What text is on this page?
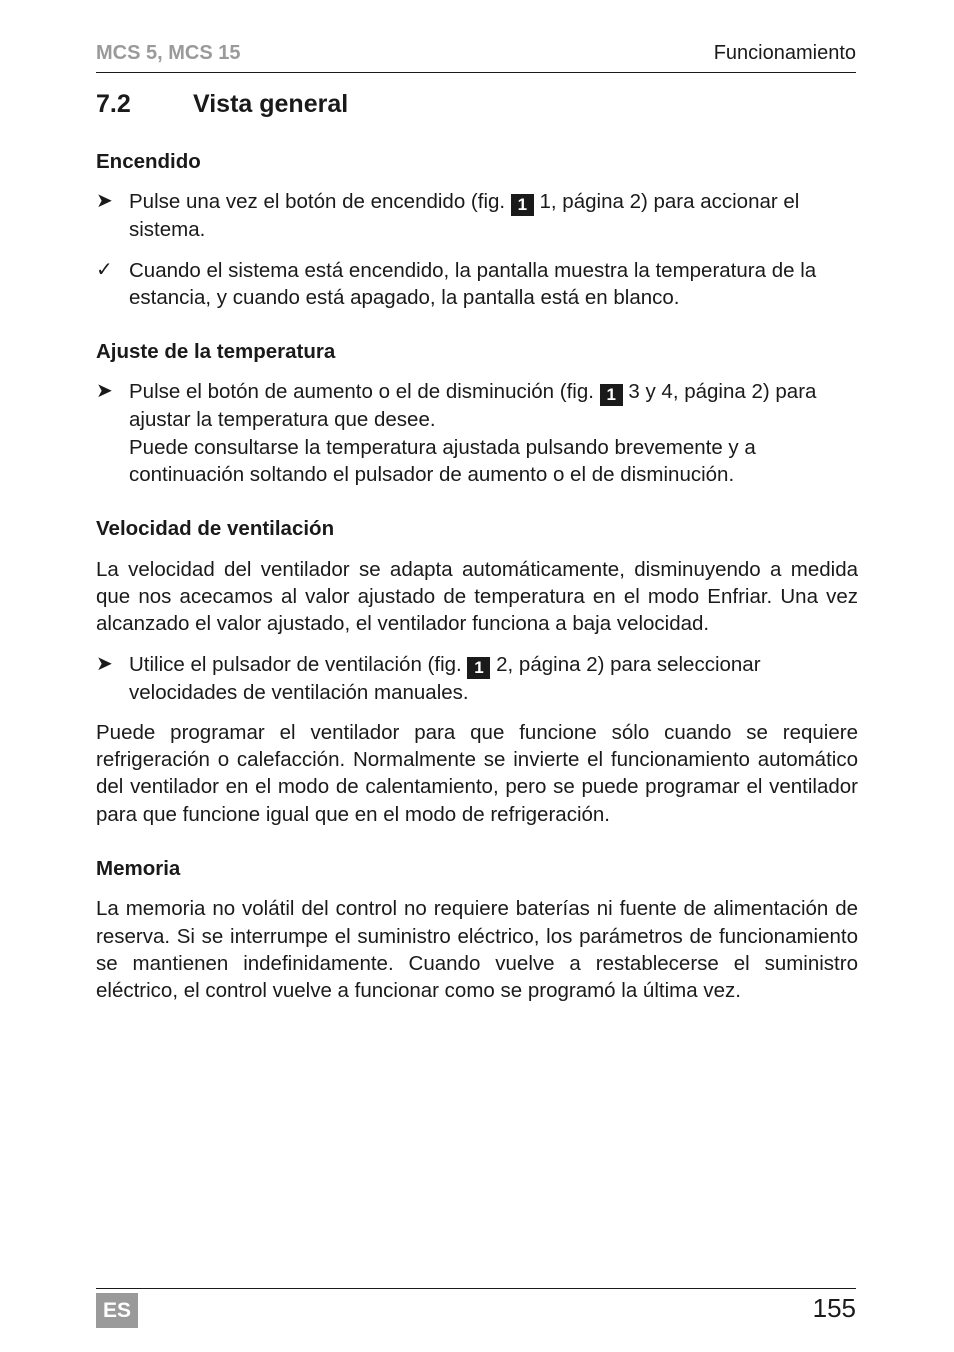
MCS 5, MCS 15	Funcionamiento
7.2 Vista general
Encendido
➤ Pulse una vez el botón de encendido (fig. 1 1, página 2) para accionar el sistema.
✓ Cuando el sistema está encendido, la pantalla muestra la temperatura de la estancia, y cuando está apagado, la pantalla está en blanco.
Ajuste de la temperatura
➤ Pulse el botón de aumento o el de disminución (fig. 1 3 y 4, página 2) para ajustar la temperatura que desee.
Puede consultarse la temperatura ajustada pulsando brevemente y a continuación soltando el pulsador de aumento o el de disminución.
Velocidad de ventilación
La velocidad del ventilador se adapta automáticamente, disminuyendo a medida que nos acecamos al valor ajustado de temperatura en el modo Enfriar. Una vez alcanzado el valor ajustado, el ventilador funciona a baja velocidad.
➤ Utilice el pulsador de ventilación (fig. 1 2, página 2) para seleccionar velocidades de ventilación manuales.
Puede programar el ventilador para que funcione sólo cuando se requiere refrigeración o calefacción. Normalmente se invierte el funcionamiento automático del ventilador en el modo de calentamiento, pero se puede programar el ventilador para que funcione igual que en el modo de refrigeración.
Memoria
La memoria no volátil del control no requiere baterías ni fuente de alimentación de reserva. Si se interrumpe el suministro eléctrico, los parámetros de funcionamiento se mantienen indefinidamente. Cuando vuelve a restablecerse el suministro eléctrico, el control vuelve a funcionar como se programó la última vez.
ES	155
